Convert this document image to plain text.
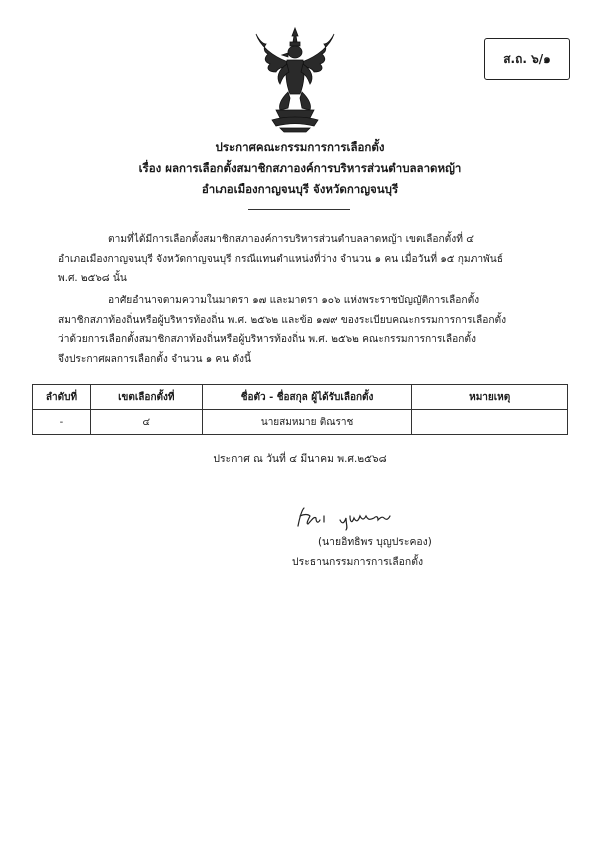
ส.ถ. ๖/๑
ประกาศคณะกรรมการการเลือกตั้ง
เรื่อง ผลการเลือกตั้งสมาชิกสภาองค์การบริหารส่วนตำบลลาดหญ้า
อำเภอเมืองกาญจนบุรี จังหวัดกาญจนบุรี
ตามที่ได้มีการเลือกตั้งสมาชิกสภาองค์การบริหารส่วนตำบลลาดหญ้า เขตเลือกตั้งที่ ๔
อำเภอเมืองกาญจนบุรี จังหวัดกาญจนบุรี กรณีแทนตำแหน่งที่ว่าง จำนวน ๑ คน เมื่อวันที่ ๑๕ กุมภาพันธ์
พ.ศ. ๒๕๖๘ นั้น
อาศัยอำนาจตามความในมาตรา ๑๗ และมาตรา ๑๐๖ แห่งพระราชบัญญัติการเลือกตั้ง
สมาชิกสภาท้องถิ่นหรือผู้บริหารท้องถิ่น พ.ศ. ๒๕๖๒ และข้อ ๑๗๙ ของระเบียบคณะกรรมการการเลือกตั้ง
ว่าด้วยการเลือกตั้งสมาชิกสภาท้องถิ่นหรือผู้บริหารท้องถิ่น พ.ศ. ๒๕๖๒ คณะกรรมการการเลือกตั้ง
จึงประกาศผลการเลือกตั้ง จำนวน ๑ คน ดังนี้
ลำดับที่	เขตเลือกตั้งที่	ชื่อตัว - ชื่อสกุล ผู้ได้รับเลือกตั้ง	หมายเหตุ
-	๔	นายสมหมาย ติณราช	
ประกาศ ณ วันที่ ๔ มีนาคม พ.ศ.๒๕๖๘
(นายอิทธิพร บุญประคอง)
ประธานกรรมการการเลือกตั้ง
